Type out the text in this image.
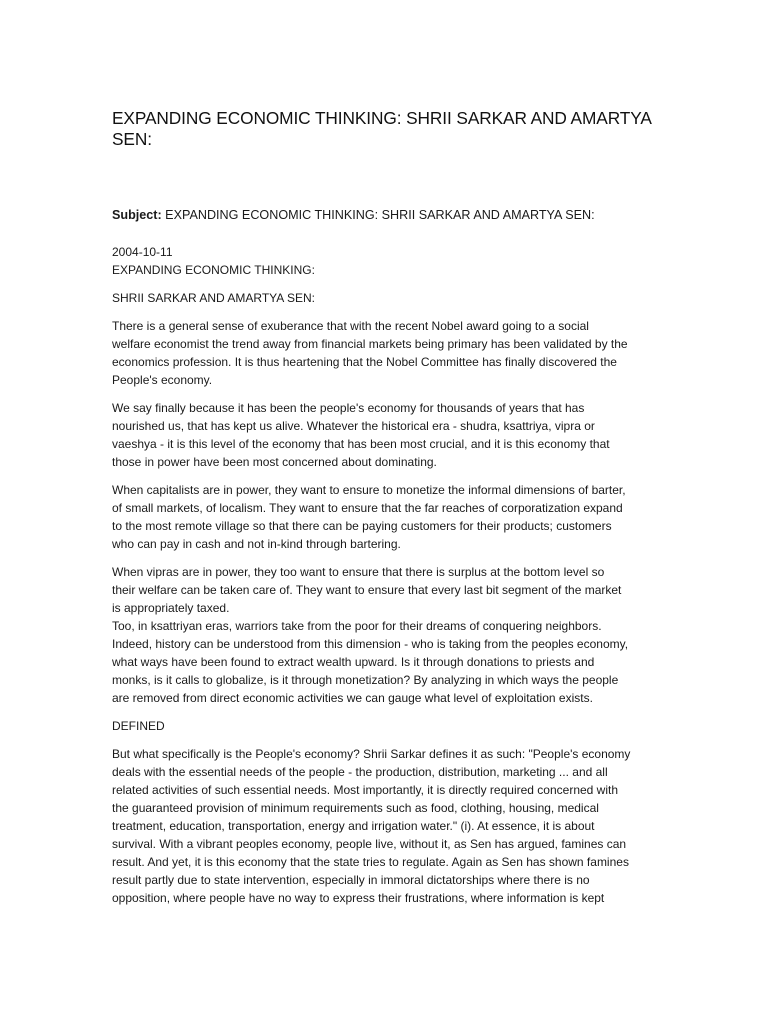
EXPANDING ECONOMIC THINKING: SHRII SARKAR AND AMARTYA
SEN:

Subject: EXPANDING ECONOMIC THINKING: SHRII SARKAR AND AMARTYA SEN:

2004-10-11

EXPANDING ECONOMIC THINKING:

SHRII SARKAR AND AMARTYA SEN:

There is a general sense of exuberance that with the recent Nobel award going to a social
welfare economist the trend away from financial markets being primary has been validated by the
economics profession. It is thus heartening that the Nobel Committee has finally discovered the
People's economy.
We say finally because it has been the people's economy for thousands of years that has
nourished us, that has kept us alive. Whatever the historical era - shudra, ksattriya, vipra or
vaeshya - it is this level of the economy that has been most crucial, and it is this economy that
those in power have been most concerned about dominating.
When capitalists are in power, they want to ensure to monetize the informal dimensions of barter,
of small markets, of localism. They want to ensure that the far reaches of corporatization expand
to the most remote village so that there can be paying customers for their products; customers
who can pay in cash and not in-kind through bartering.
When vipras are in power, they too want to ensure that there is surplus at the bottom level so
their welfare can be taken care of. They want to ensure that every last bit segment of the market
is appropriately taxed.
Too, in ksattriyan eras, warriors take from the poor for their dreams of conquering neighbors.
Indeed, history can be understood from this dimension - who is taking from the peoples economy,
what ways have been found to extract wealth upward. Is it through donations to priests and
monks, is it calls to globalize, is it through monetization? By analyzing in which ways the people
are removed from direct economic activities we can gauge what level of exploitation exists.
DEFINED
But what specifically is the People's economy? Shrii Sarkar defines it as such: "People's economy
deals with the essential needs of the people - the production, distribution, marketing ... and all
related activities of such essential needs. Most importantly, it is directly required concerned with
the guaranteed provision of minimum requirements such as food, clothing, housing, medical
treatment, education, transportation, energy and irrigation water." (i). At essence, it is about
survival. With a vibrant peoples economy, people live, without it, as Sen has argued, famines can
result. And yet, it is this economy that the state tries to regulate. Again as Sen has shown famines
result partly due to state intervention, especially in immoral dictatorships where there is no
opposition, where people have no way to express their frustrations, where information is kept
